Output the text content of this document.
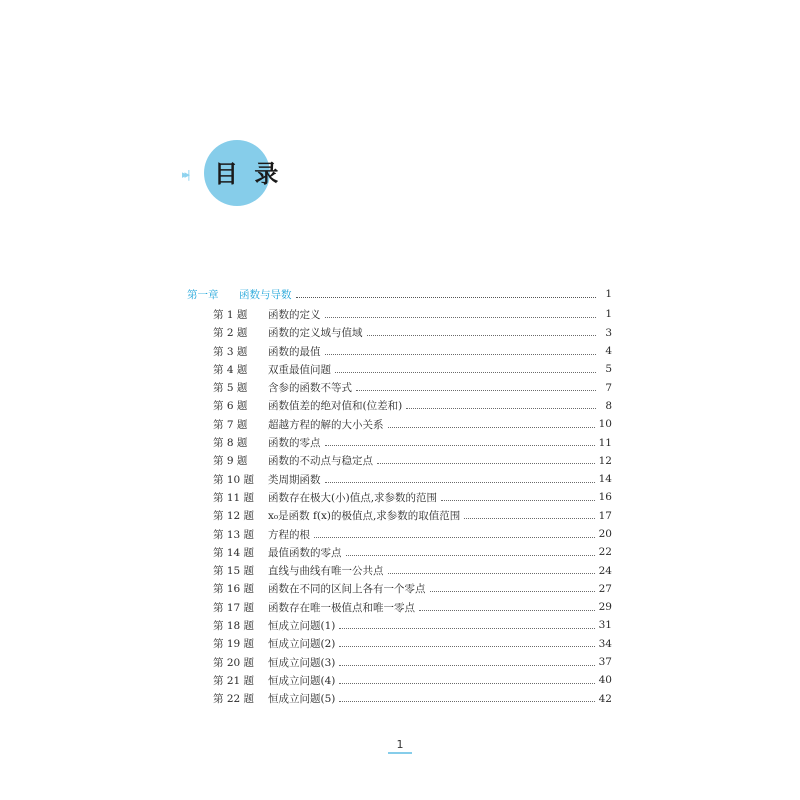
▸▸| 目 录
第一章	函数与导数	1
第 1 题	函数的定义	1
第 2 题	函数的定义域与值域	3
第 3 题	函数的最值	4
第 4 题	双重最值问题	5
第 5 题	含参的函数不等式	7
第 6 题	函数值差的绝对值和(位差和)	8
第 7 题	超越方程的解的大小关系	10
第 8 题	函数的零点	11
第 9 题	函数的不动点与稳定点	12
第 10 题	类周期函数	14
第 11 题	函数存在极大(小)值点,求参数的范围	16
第 12 题	x₀是函数 f(x)的极值点,求参数的取值范围	17
第 13 题	方程的根	20
第 14 题	最值函数的零点	22
第 15 题	直线与曲线有唯一公共点	24
第 16 题	函数在不同的区间上各有一个零点	27
第 17 题	函数存在唯一极值点和唯一零点	29
第 18 题	恒成立问题(1)	31
第 19 题	恒成立问题(2)	34
第 20 题	恒成立问题(3)	37
第 21 题	恒成立问题(4)	40
第 22 题	恒成立问题(5)	42
1
